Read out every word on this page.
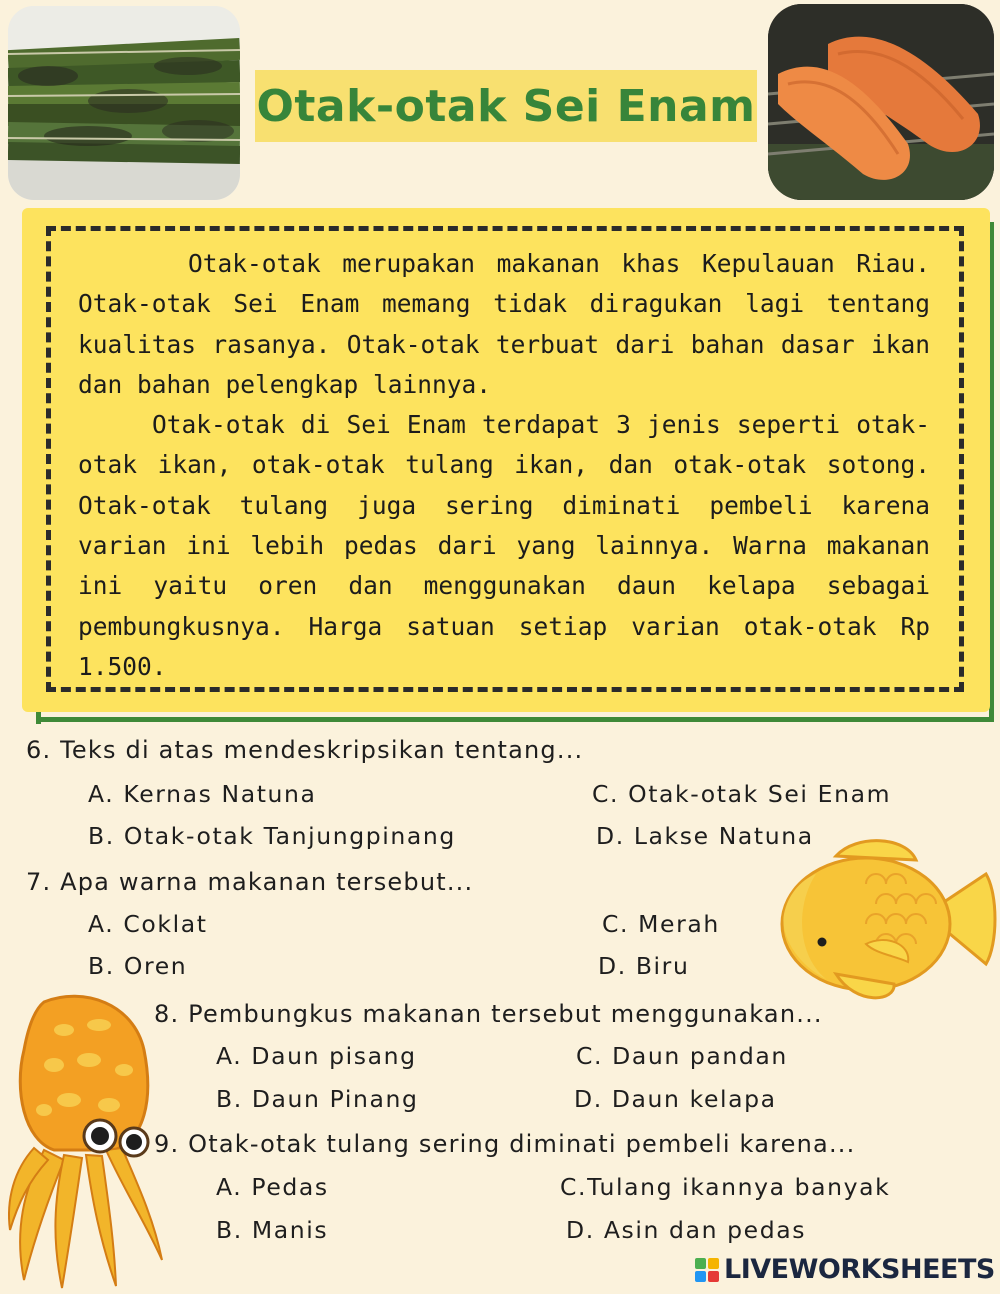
Otak-otak Sei Enam

Otak-otak merupakan makanan khas Kepulauan Riau. Otak-otak Sei Enam memang tidak diragukan lagi tentang kualitas rasanya. Otak-otak terbuat dari bahan dasar ikan dan bahan pelengkap lainnya.

Otak-otak di Sei Enam terdapat 3 jenis seperti otak-otak ikan, otak-otak tulang ikan, dan otak-otak sotong. Otak-otak tulang juga sering diminati pembeli karena varian ini lebih pedas dari yang lainnya. Warna makanan ini yaitu oren dan menggunakan daun kelapa sebagai pembungkusnya. Harga satuan setiap varian otak-otak Rp 1.500.

6. Teks di atas mendeskripsikan tentang...
A. Kernas Natuna
B. Otak-otak Tanjungpinang
C. Otak-otak Sei Enam
D. Lakse Natuna
7. Apa warna makanan tersebut...
A. Coklat
B. Oren
C. Merah
D. Biru
8. Pembungkus makanan tersebut menggunakan...
A. Daun pisang
B. Daun Pinang
C. Daun pandan
D. Daun kelapa
9. Otak-otak tulang sering diminati pembeli karena...
A. Pedas
B. Manis
C.Tulang ikannya banyak
D. Asin dan pedas
LIVEWORKSHEETS
